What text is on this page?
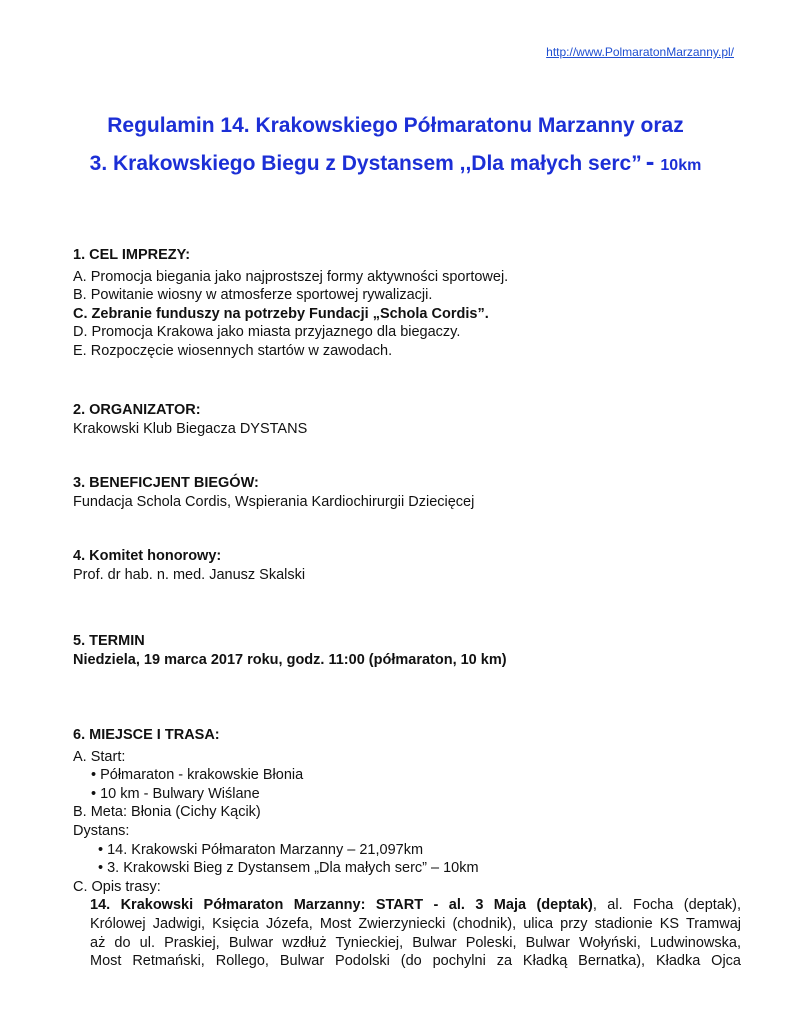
http://www.PolmaratonMarzanny.pl/
Regulamin 14. Krakowskiego Półmaratonu Marzanny oraz
3. Krakowskiego Biegu z Dystansem ,,Dla małych serc” - 10km
1. CEL IMPREZY:
A. Promocja biegania jako najprostszej formy aktywności sportowej.
B. Powitanie wiosny w atmosferze sportowej rywalizacji.
C. Zebranie funduszy na potrzeby Fundacji „Schola Cordis”.
D. Promocja Krakowa jako miasta przyjaznego dla biegaczy.
E. Rozpoczęcie wiosennych startów w zawodach.
2. ORGANIZATOR:
Krakowski Klub Biegacza DYSTANS
3. BENEFICJENT BIEGÓW:
Fundacja Schola Cordis, Wspierania Kardiochirurgii Dziecięcej
4. Komitet honorowy:
Prof. dr hab. n. med. Janusz Skalski
5. TERMIN
Niedziela, 19 marca 2017 roku, godz. 11:00 (półmaraton, 10 km)
6. MIEJSCE I TRASA:
A. Start:
• Półmaraton - krakowskie Błonia
• 10 km - Bulwary Wiślane
B. Meta: Błonia (Cichy Kącik)
Dystans:
• 14. Krakowski Półmaraton Marzanny – 21,097km
• 3. Krakowski Bieg z Dystansem „Dla małych serc” – 10km
C. Opis trasy:
14. Krakowski Półmaraton Marzanny: START - al. 3 Maja (deptak), al. Focha (deptak),
Królowej Jadwigi, Księcia Józefa, Most Zwierzyniecki (chodnik), ulica przy stadionie KS Tramwaj
aż do ul. Praskiej, Bulwar wzdłuż Tynieckiej, Bulwar Poleski, Bulwar Wołyński, Ludwinowska,
Most Retmański, Rollego, Bulwar Podolski (do pochylni za Kładką Bernatka), Kładka Ojca
